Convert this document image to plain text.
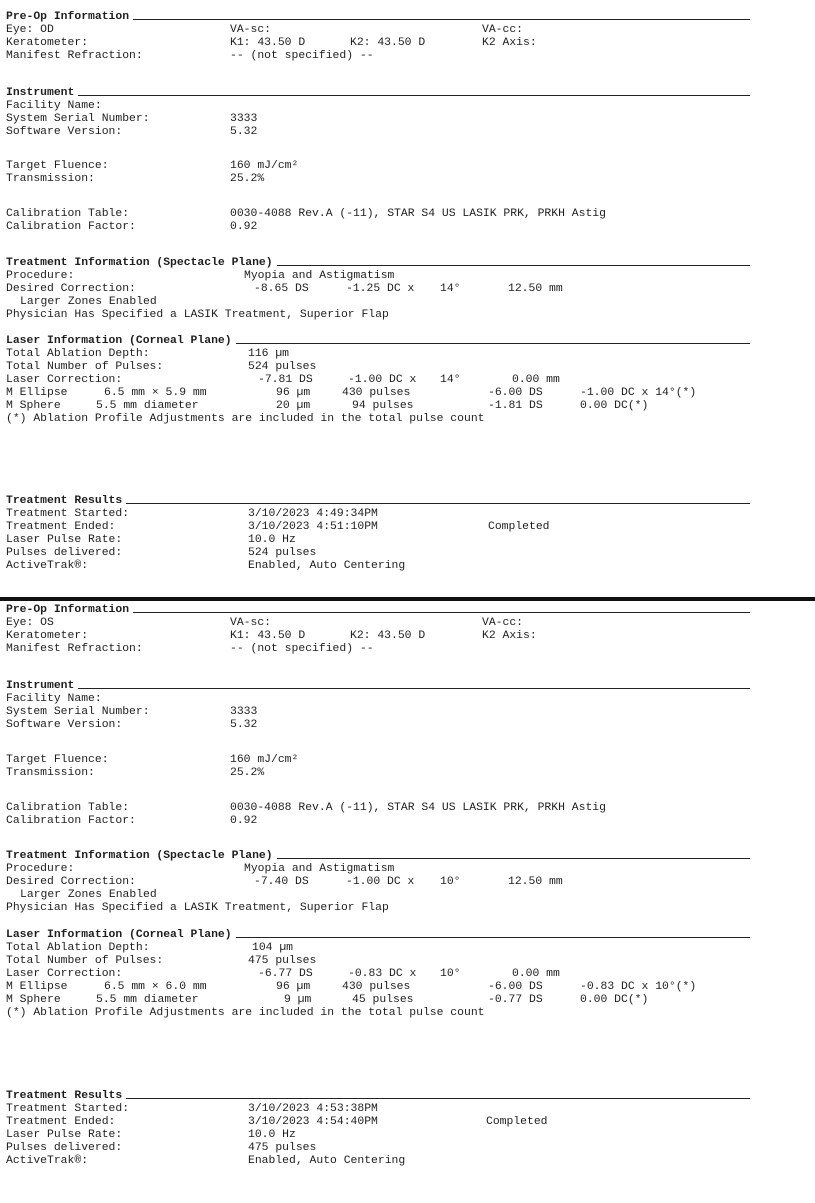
Pre-Op Information
Eye: OD	VA-sc:	VA-cc:
Keratometer:	K1: 43.50 D	K2: 43.50 D	K2 Axis:
Manifest Refraction:	-- (not specified) --
Instrument
Facility Name:
System Serial Number:	3333
Software Version:	5.32
Target Fluence:	160 mJ/cm²
Transmission:	25.2%
Calibration Table:	0030-4088 Rev.A (-11), STAR S4 US LASIK PRK, PRKH Astig
Calibration Factor:	0.92
Treatment Information (Spectacle Plane)
Procedure:	Myopia and Astigmatism
Desired Correction:	-8.65 DS	-1.25 DC x 14°	12.50 mm
Larger Zones Enabled
Physician Has Specified a LASIK Treatment, Superior Flap
Laser Information (Corneal Plane)
Total Ablation Depth:	116 µm
Total Number of Pulses:	524 pulses
Laser Correction:	-7.81 DS	-1.00 DC x 14°	0.00 mm
M Ellipse	6.5 mm × 5.9 mm	96 µm	430 pulses	-6.00 DS	-1.00 DC x 14°(*)
M Sphere	5.5 mm diameter	20 µm	94 pulses	-1.81 DS	0.00 DC(*)
(*) Ablation Profile Adjustments are included in the total pulse count
Treatment Results
Treatment Started:	3/10/2023 4:49:34PM
Treatment Ended:	3/10/2023 4:51:10PM	Completed
Laser Pulse Rate:	10.0 Hz
Pulses delivered:	524 pulses
ActiveTrak®:	Enabled, Auto Centering
Pre-Op Information
Eye: OS	VA-sc:	VA-cc:
Keratometer:	K1: 43.50 D	K2: 43.50 D	K2 Axis:
Manifest Refraction:	-- (not specified) --
Instrument
Facility Name:
System Serial Number:	3333
Software Version:	5.32
Target Fluence:	160 mJ/cm²
Transmission:	25.2%
Calibration Table:	0030-4088 Rev.A (-11), STAR S4 US LASIK PRK, PRKH Astig
Calibration Factor:	0.92
Treatment Information (Spectacle Plane)
Procedure:	Myopia and Astigmatism
Desired Correction:	-7.40 DS	-1.00 DC x 10°	12.50 mm
Larger Zones Enabled
Physician Has Specified a LASIK Treatment, Superior Flap
Laser Information (Corneal Plane)
Total Ablation Depth:	104 µm
Total Number of Pulses:	475 pulses
Laser Correction:	-6.77 DS	-0.83 DC x 10°	0.00 mm
M Ellipse	6.5 mm × 6.0 mm	96 µm	430 pulses	-6.00 DS	-0.83 DC x 10°(*)
M Sphere	5.5 mm diameter	9 µm	45 pulses	-0.77 DS	0.00 DC(*)
(*) Ablation Profile Adjustments are included in the total pulse count
Treatment Results
Treatment Started:	3/10/2023 4:53:38PM
Treatment Ended:	3/10/2023 4:54:40PM	Completed
Laser Pulse Rate:	10.0 Hz
Pulses delivered:	475 pulses
ActiveTrak®:	Enabled, Auto Centering
